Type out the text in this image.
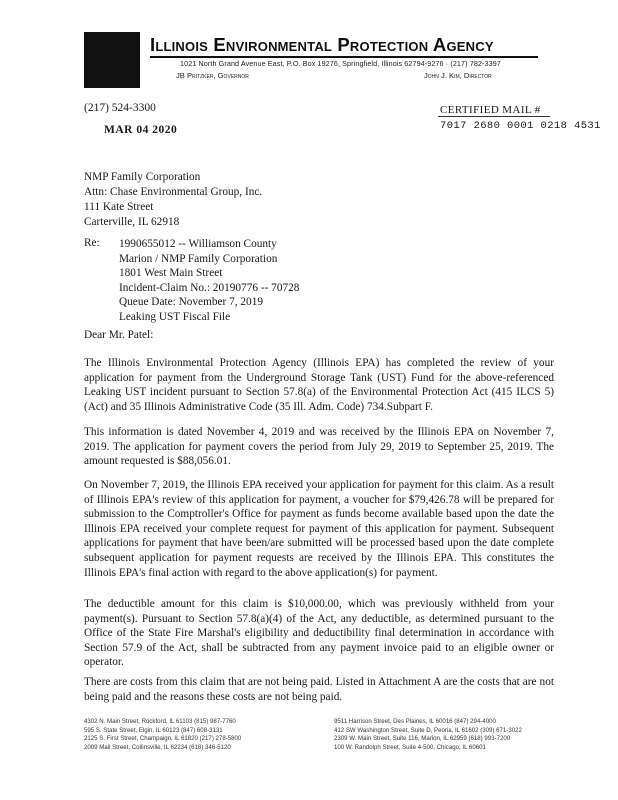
Illinois Environmental Protection Agency
1021 North Grand Avenue East, P.O. Box 19276, Springfield, Illinois 62794-9276 · (217) 782-3397
JB Pritzker, Governor	John J. Kim, Director
(217) 524-3300
MAR 04 2020
CERTIFIED MAIL #
7017 2680 0001 0218 4531
NMP Family Corporation
Attn: Chase Environmental Group, Inc.
111 Kate Street
Carterville, IL 62918
Re: 1990655012 -- Williamson County
Marion / NMP Family Corporation
1801 West Main Street
Incident-Claim No.: 20190776 -- 70728
Queue Date: November 7, 2019
Leaking UST Fiscal File
Dear Mr. Patel:
The Illinois Environmental Protection Agency (Illinois EPA) has completed the review of your application for payment from the Underground Storage Tank (UST) Fund for the above-referenced Leaking UST incident pursuant to Section 57.8(a) of the Environmental Protection Act (415 ILCS 5) (Act) and 35 Illinois Administrative Code (35 Ill. Adm. Code) 734.Subpart F.
This information is dated November 4, 2019 and was received by the Illinois EPA on November 7, 2019. The application for payment covers the period from July 29, 2019 to September 25, 2019. The amount requested is $88,056.01.
On November 7, 2019, the Illinois EPA received your application for payment for this claim. As a result of Illinois EPA's review of this application for payment, a voucher for $79,426.78 will be prepared for submission to the Comptroller's Office for payment as funds become available based upon the date the Illinois EPA received your complete request for payment of this application for payment. Subsequent applications for payment that have been/are submitted will be processed based upon the date complete subsequent application for payment requests are received by the Illinois EPA. This constitutes the Illinois EPA's final action with regard to the above application(s) for payment.
The deductible amount for this claim is $10,000.00, which was previously withheld from your payment(s). Pursuant to Section 57.8(a)(4) of the Act, any deductible, as determined pursuant to the Office of the State Fire Marshal's eligibility and deductibility final determination in accordance with Section 57.9 of the Act, shall be subtracted from any payment invoice paid to an eligible owner or operator.
There are costs from this claim that are not being paid. Listed in Attachment A are the costs that are not being paid and the reasons these costs are not being paid.
4302 N. Main Street, Rockford, IL 61103 (815) 987-7760
595 S. State Street, Elgin, IL 60123 (847) 608-3131
2125 S. First Street, Champaign, IL 61820 (217) 278-5800
2009 Mall Street, Collinsville, IL 62234 (618) 346-5120
9511 Harrison Street, Des Plaines, IL 60016 (847) 294-4000
412 SW Washington Street, Suite D, Peoria, IL 61602 (309) 671-3022
2309 W. Main Street, Suite 116, Marion, IL 62959 (618) 993-7200
100 W. Randolph Street, Suite 4-500, Chicago, IL 60601
